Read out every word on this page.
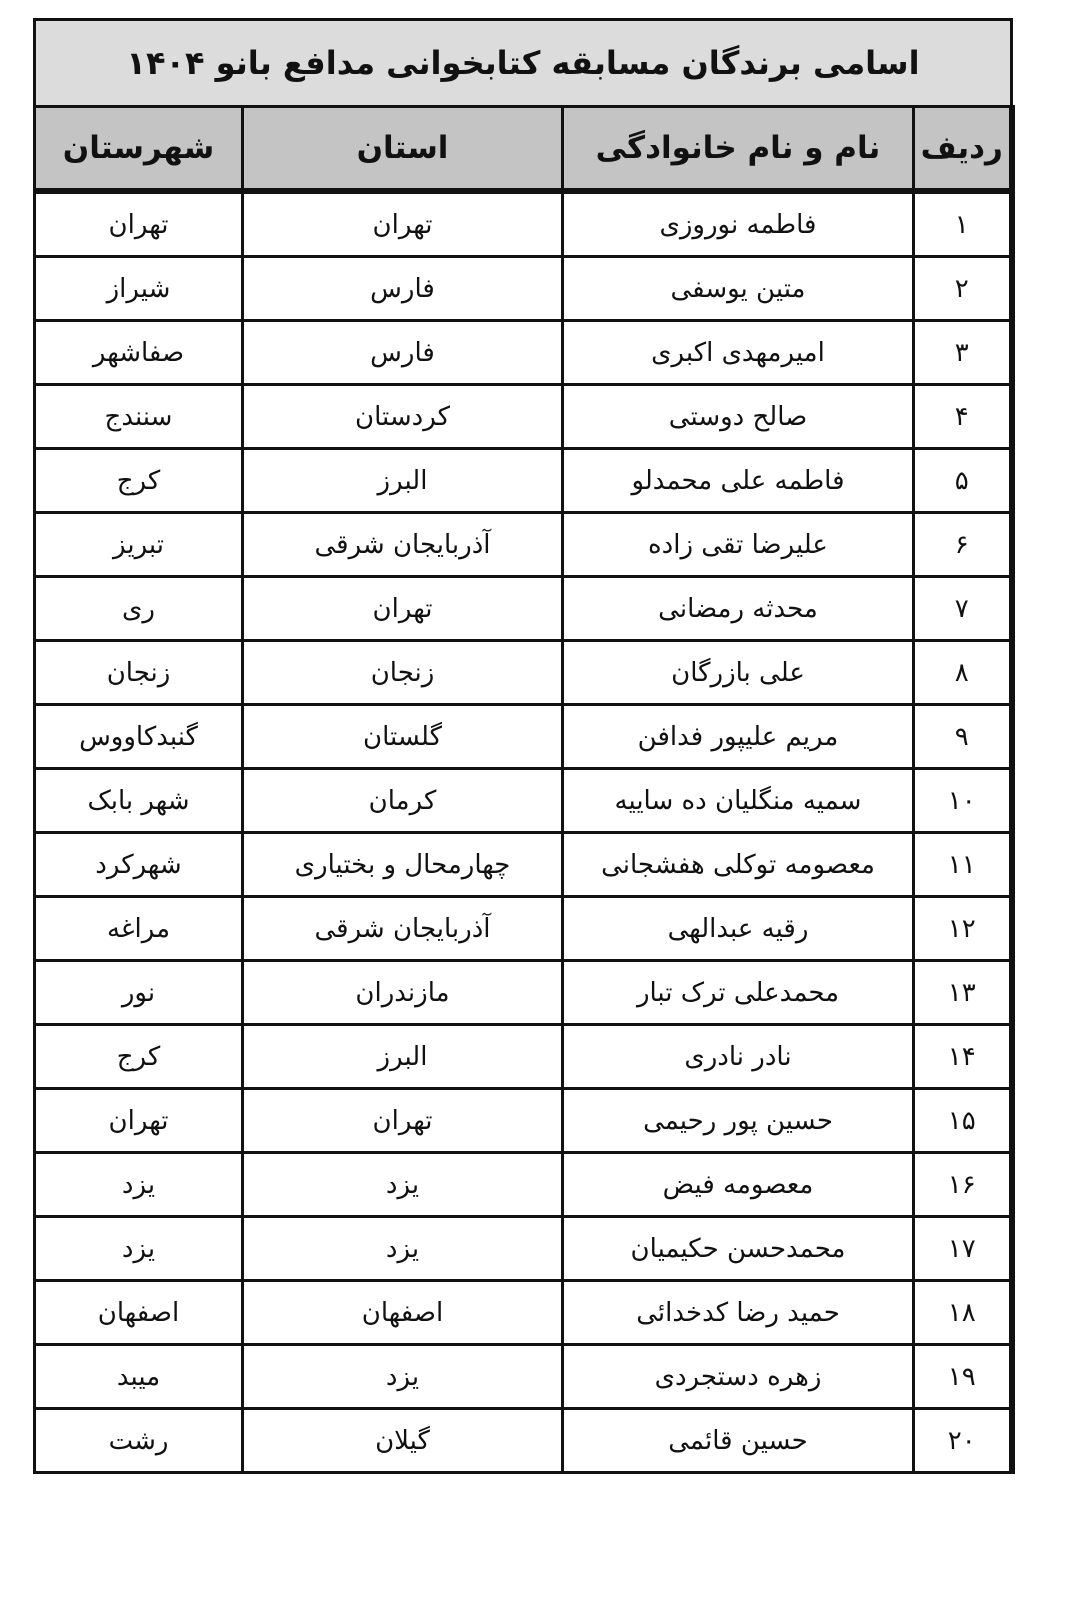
اسامی برندگان مسابقه کتابخوانی مدافع بانو ۱۴۰۴			
ردیف	نام و نام خانوادگی	استان	شهرستان
۱	فاطمه نوروزی	تهران	تهران
۲	متین یوسفی	فارس	شیراز
۳	امیرمهدی اکبری	فارس	صفاشهر
۴	صالح دوستی	کردستان	سنندج
۵	فاطمه علی محمدلو	البرز	کرج
۶	علیرضا تقی زاده	آذربایجان شرقی	تبریز
۷	محدثه رمضانی	تهران	ری
۸	علی بازرگان	زنجان	زنجان
۹	مریم علیپور فدافن	گلستان	گنبدکاووس
۱۰	سمیه منگلیان ده ساییه	کرمان	شهر بابک
۱۱	معصومه توکلی هفشجانی	چهارمحال و بختیاری	شهرکرد
۱۲	رقیه عبدالهی	آذربایجان شرقی	مراغه
۱۳	محمدعلی ترک تبار	مازندران	نور
۱۴	نادر نادری	البرز	کرج
۱۵	حسین پور رحیمی	تهران	تهران
۱۶	معصومه فیض	یزد	یزد
۱۷	محمدحسن حکیمیان	یزد	یزد
۱۸	حمید رضا کدخدائی	اصفهان	اصفهان
۱۹	زهره دستجردی	یزد	میبد
۲۰	حسین قائمی	گیلان	رشت
